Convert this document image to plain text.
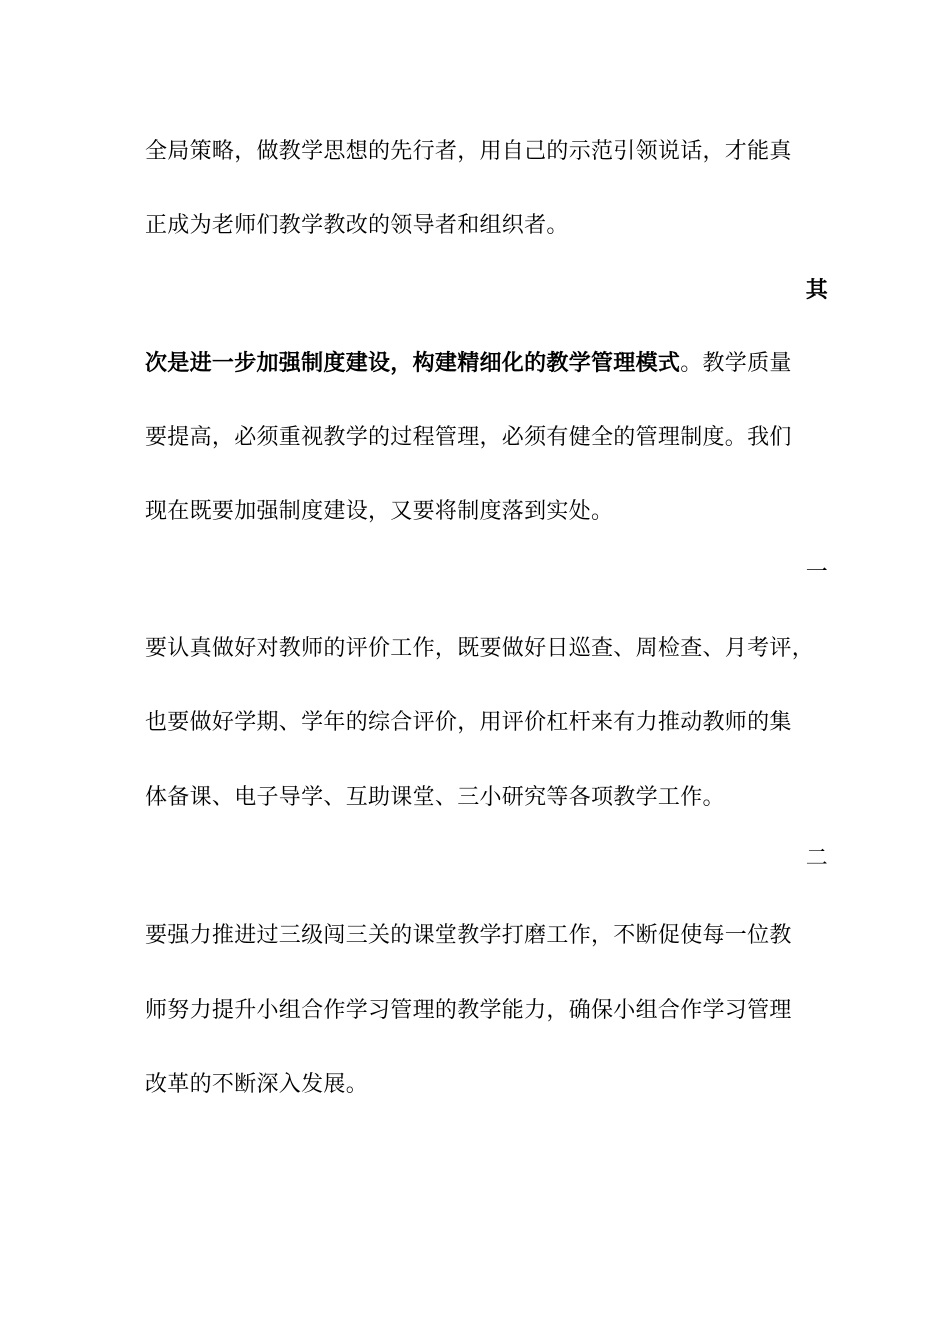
全局策略，做教学思想的先行者，用自己的示范引领说话，才能真
正成为老师们教学教改的领导者和组织者。
其
次是进一步加强制度建设，构建精细化的教学管理模式。教学质量
要提高，必须重视教学的过程管理，必须有健全的管理制度。我们
现在既要加强制度建设，又要将制度落到实处。
一
要认真做好对教师的评价工作，既要做好日巡查、周检查、月考评，
也要做好学期、学年的综合评价，用评价杠杆来有力推动教师的集
体备课、电子导学、互助课堂、三小研究等各项教学工作。
二
要强力推进过三级闯三关的课堂教学打磨工作，不断促使每一位教
师努力提升小组合作学习管理的教学能力，确保小组合作学习管理
改革的不断深入发展。
